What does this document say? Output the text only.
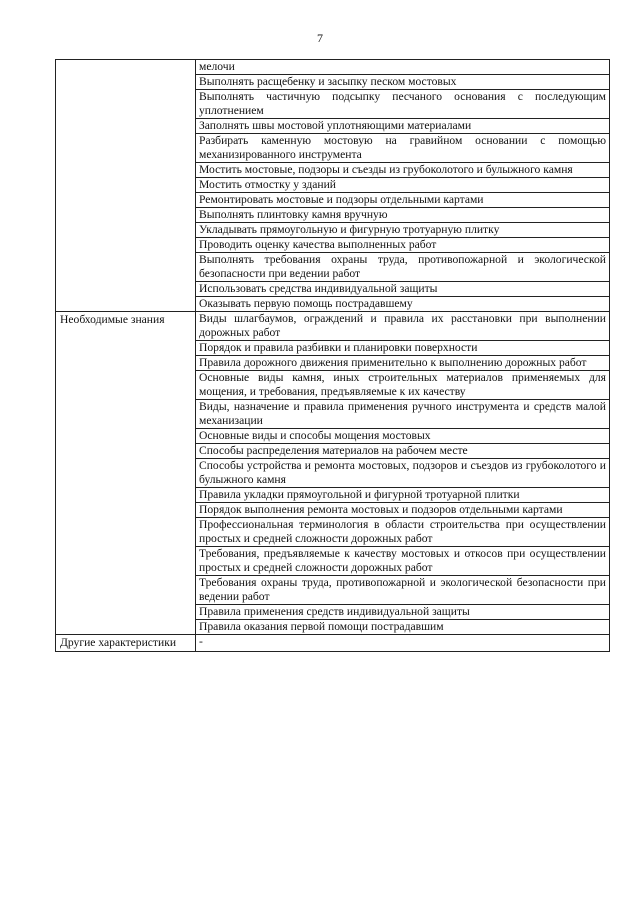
7
	мелочи
	Выполнять расщебенку и засыпку песком мостовых
	Выполнять частичную подсыпку песчаного основания с последующим уплотнением
	Заполнять швы мостовой уплотняющими материалами
	Разбирать каменную мостовую на гравийном основании с помощью механизированного инструмента
	Мостить мостовые, подзоры и съезды из грубоколотого и булыжного камня
	Мостить отмостку у зданий
	Ремонтировать мостовые и подзоры отдельными картами
	Выполнять плинтовку камня вручную
	Укладывать прямоугольную и фигурную тротуарную плитку
	Проводить оценку качества выполненных работ
	Выполнять требования охраны труда, противопожарной и экологической безопасности при ведении работ
	Использовать средства индивидуальной защиты
	Оказывать первую помощь пострадавшему
Необходимые знания	Виды шлагбаумов, ограждений и правила их расстановки при выполнении дорожных работ
	Порядок и правила разбивки и планировки поверхности
	Правила дорожного движения применительно к выполнению дорожных работ
	Основные виды камня, иных строительных материалов применяемых для мощения, и требования, предъявляемые к их качеству
	Виды, назначение и правила применения ручного инструмента и средств малой механизации
	Основные виды и способы мощения мостовых
	Способы распределения материалов на рабочем месте
	Способы устройства и ремонта мостовых, подзоров и съездов из грубоколотого и булыжного камня
	Правила укладки прямоугольной и фигурной тротуарной плитки
	Порядок выполнения ремонта мостовых и подзоров отдельными картами
	Профессиональная терминология в области строительства при осуществлении простых и средней сложности дорожных работ
	Требования, предъявляемые к качеству мостовых и откосов при осуществлении простых и средней сложности дорожных работ
	Требования охраны труда, противопожарной и экологической безопасности при ведении работ
	Правила применения средств индивидуальной защиты
	Правила оказания первой помощи пострадавшим
Другие характеристики	-
